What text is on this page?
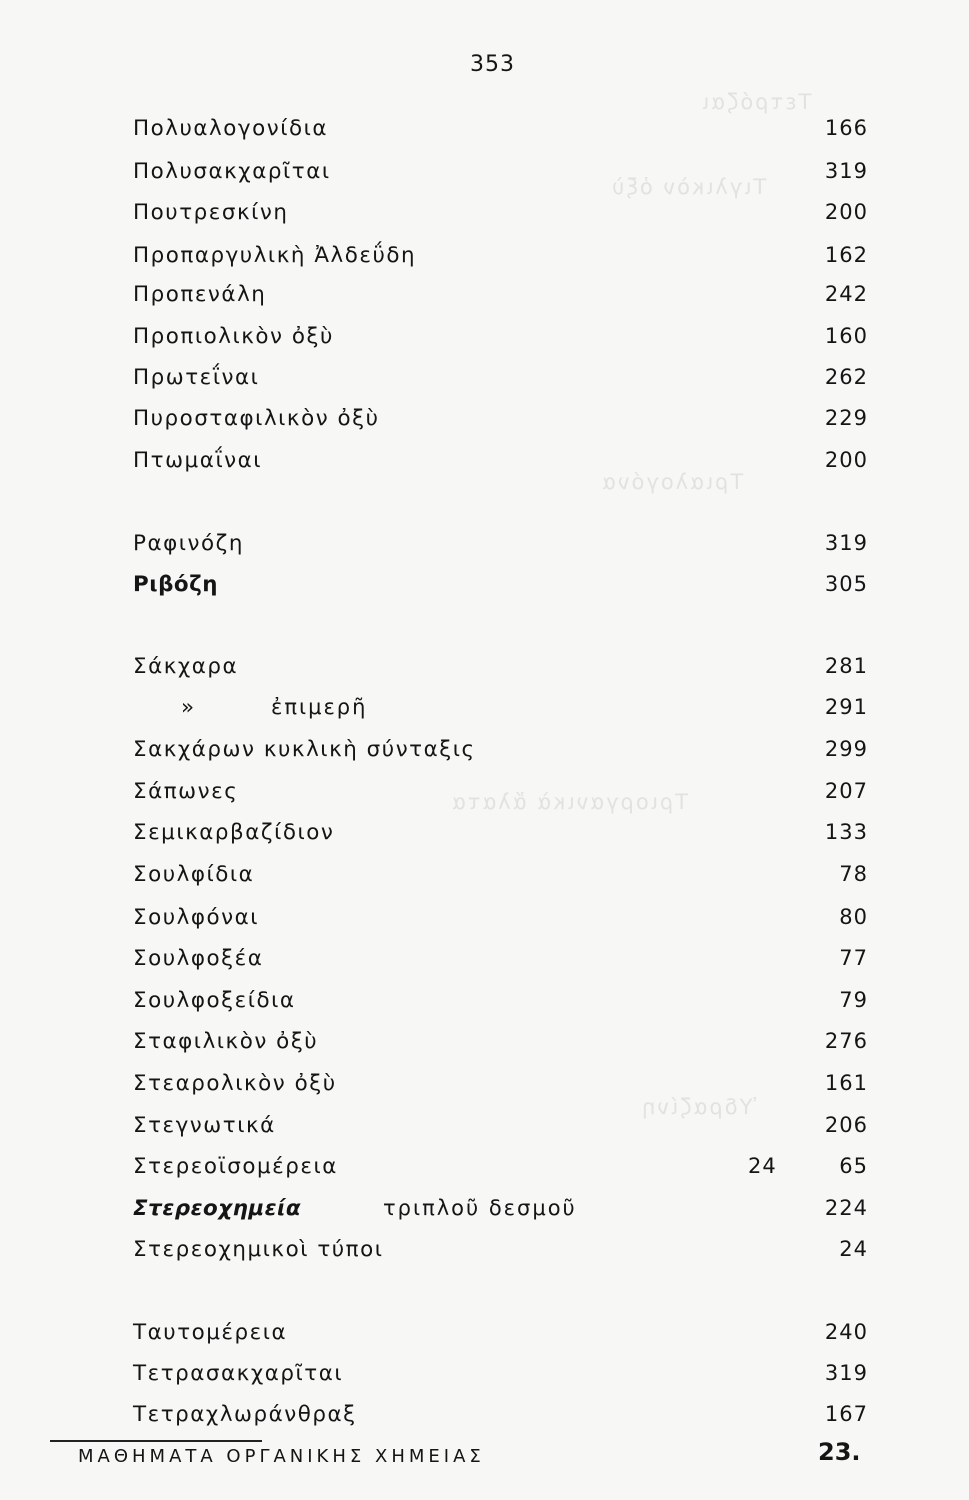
Τετρόζαι
Τιγλικὸν ὀξὺ
Τριαλογόνα
Τριοργανικὰ ἄλατα
Ὑδραζίνη
353
Πολυαλογονίδια	166
Πολυσακχαρῖται	319
Πουτρεσκίνη	200
Προπαργυλικὴ Ἀλδεΰδη	162
Προπενάλη	242
Προπιολικὸν ὀξὺ	160
Πρωτεΐναι	262
Πυροσταφιλικὸν ὀξὺ	229
Πτωμαΐναι	200
Ραφινόζη	319
Ριβόζη	305
Σάκχαρα	281
»	ἐπιμερῆ	291
Σακχάρων κυκλικὴ σύνταξις	299
Σάπωνες	207
Σεμικαρβαζίδιον	133
Σουλφίδια	78
Σουλφόναι	80
Σουλφοξέα	77
Σουλφοξείδια	79
Σταφιλικὸν ὀξὺ	276
Στεαρολικὸν ὀξὺ	161
Στεγνωτικά	206
Στερεοϊσομέρεια	24	65
Στερεοχημεία	τριπλοῦ δεσμοῦ	224
Στερεοχημικοὶ τύποι	24
Ταυτομέρεια	240
Τετρασακχαρῖται	319
Τετραχλωράνθραξ	167
ΜΑΘΗΜΑΤΑ ΟΡΓΑΝΙΚΗΣ ΧΗΜΕΙΑΣ	23.
